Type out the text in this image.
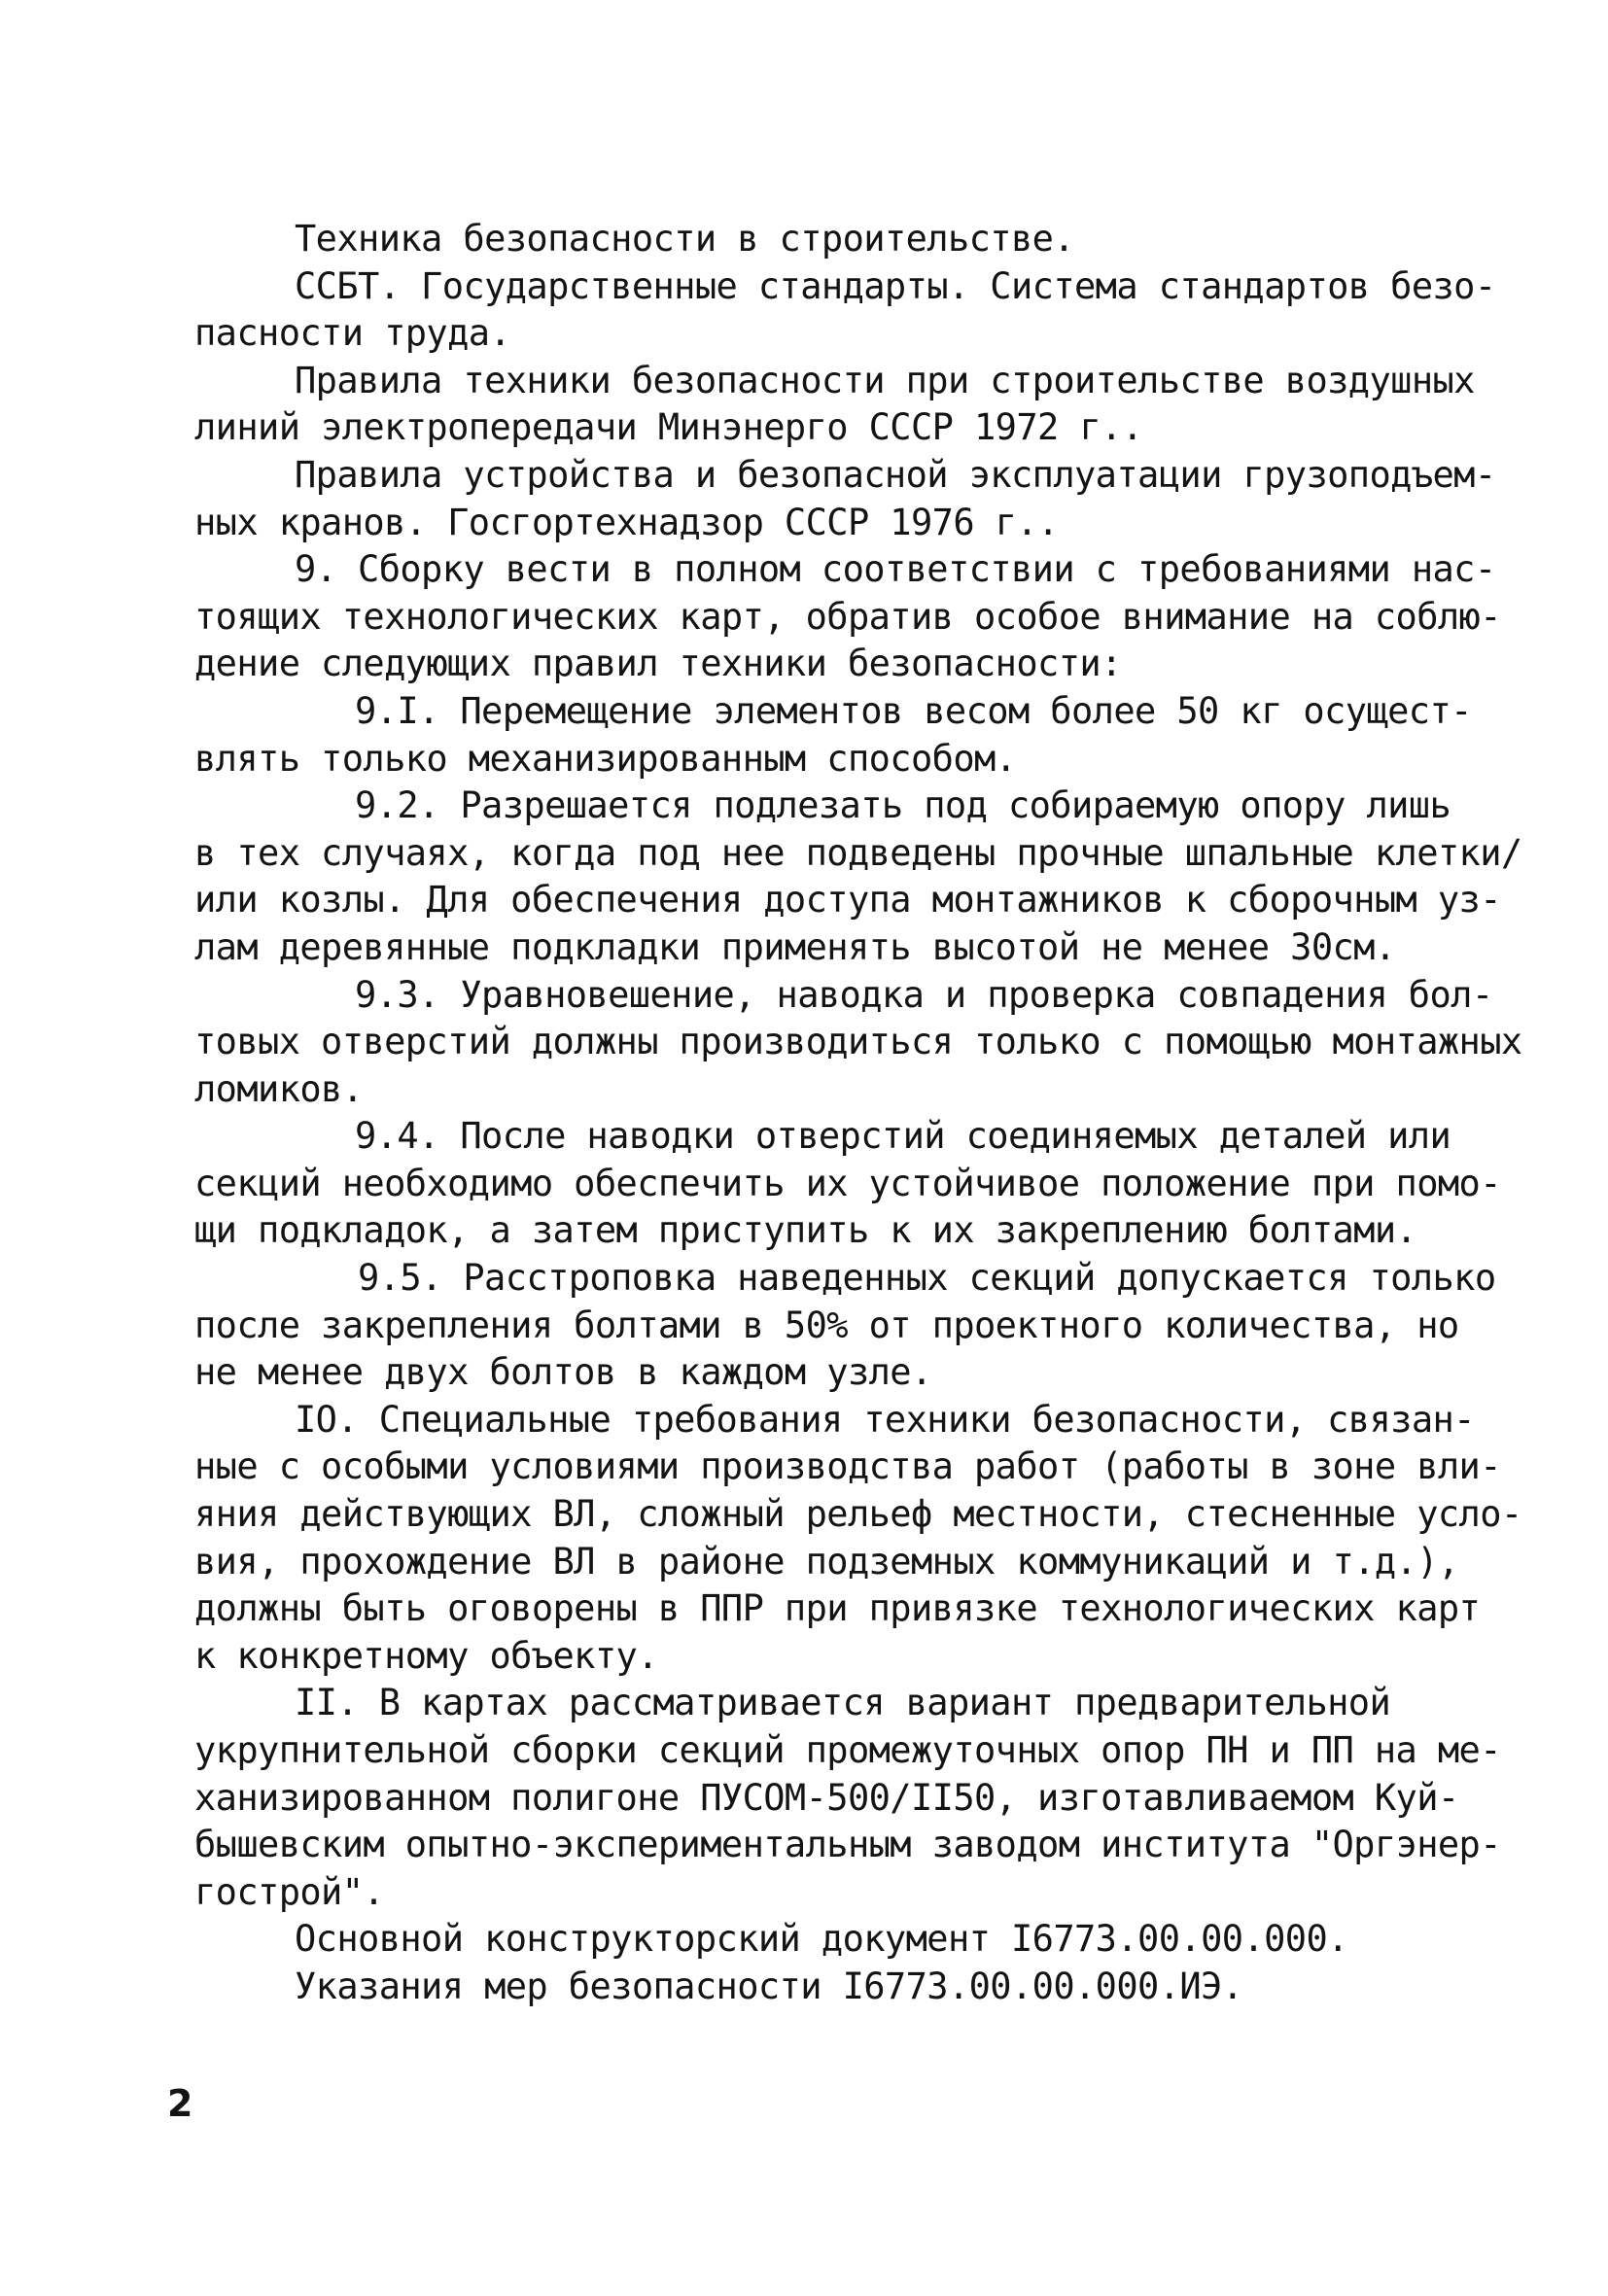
Техника безопасности в строительстве.
ССБТ. Государственные стандарты. Система стандартов безо-
пасности труда.
Правила техники безопасности при строительстве воздушных
линий электропередачи Минэнерго СССР 1972 г..
Правила устройства и безопасной эксплуатации грузоподъем-
ных кранов. Госгортехнадзор СССР 1976 г..
9. Сборку вести в полном соответствии с требованиями нас-
тоящих технологических карт, обратив особое внимание на соблю-
дение следующих правил техники безопасности:
9.I. Перемещение элементов весом более 50 кг осущест-
влять только механизированным способом.
9.2. Разрешается подлезать под собираемую опору лишь
в тех случаях, когда под нее подведены прочные шпальные клетки/
или козлы. Для обеспечения доступа монтажников к сборочным уз-
лам деревянные подкладки применять высотой не менее 30см.
9.3. Уравновешение, наводка и проверка совпадения бол-
товых отверстий должны производиться только с помощью монтажных
ломиков.
9.4. После наводки отверстий соединяемых деталей или
секций необходимо обеспечить их устойчивое положение при помо-
щи подкладок, а затем приступить к их закреплению болтами.
9.5. Расстроповка наведенных секций допускается только
после закрепления болтами в 50% от проектного количества, но
не менее двух болтов в каждом узле.
IO. Специальные требования техники безопасности, связан-
ные с особыми условиями производства работ (работы в зоне вли-
яния действующих ВЛ, сложный рельеф местности, стесненные усло-
вия, прохождение ВЛ в районе подземных коммуникаций и т.д.),
должны быть оговорены в ППР при привязке технологических карт
к конкретному объекту.
II. В картах рассматривается вариант предварительной
укрупнительной сборки секций промежуточных опор ПН и ПП на ме-
ханизированном полигоне ПУСОМ-500/II50, изготавливаемом Куй-
бышевским опытно-экспериментальным заводом института "Оргэнер-
гострой".
Основной конструкторский документ I6773.00.00.000.
Указания мер безопасности I6773.00.00.000.ИЭ.
2
